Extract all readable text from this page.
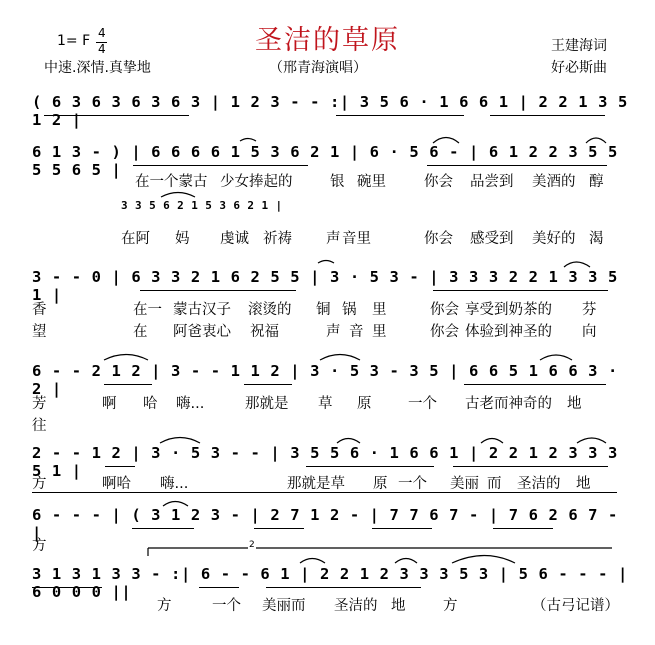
圣洁的草原
1= F 4
4
中速.深情.真挚地	（邢青海演唱）
王建海词
好必斯曲
( 6 3 6 3 6 3 6 3 | 1 2 3 - - :| 3 5 6 · 1 6 6 1 | 2 2 1 3 5 1 2 |
6 1 3 - ) | 6 6 6 6 1 5 3 6 2 1 | 6 · 5 6 - | 6 1 2 2 3 5 5 5 5 6 5 |
3 3 5 6 2 1 5 3 6 2 1 |
3 - - 0 | 6 3 3 2 1 6 2 5 5 | 3 · 5 3 - | 3 3 3 2 2 1 3 3 5 1 |
6 - - 2 1 2 | 3 - - 1 1 2 | 3 · 5 3 - 3 5 | 6 6 5 1 6 6 3 · 2 |
2 - - 1 2 | 3 · 5 3 - - | 3 5 5 6 · 1 6 6 1 | 2 2 1 2 3 3 3 5 1 |
6 - - - | ( 3 1 2 3 - | 2 7 1 2 - | 7 7 6 7 - | 7 6 2 6 7 - |
3 1 3 1 3 3 - :| 6 - - 6 1 | 2 2 1 2 3 3 3 5 3 | 5 6 - - - | 6 0 0 0 ||
2
在一个蒙古 少女捧起的	银 碗里	你会 品尝到 美酒的 醇
在阿 妈 虔诚 祈祷 声 音里	你会 感受到 美好的 渴
香	在一 蒙古汉子 滚烫的 铜 锅 里	你会 享受到奶茶的 芬
望	在 阿爸衷心 祝福	声 音 里	你会 体验到神圣的 向
芳	啊 哈 嗨...	那就是 草 原	一个 古老而神奇的 地
往
方	啊哈 嗨...	那就是草 原 一个 美丽 而 圣洁的 地
方
方	一个 美丽而 圣洁的 地	方	（古弓记谱）
